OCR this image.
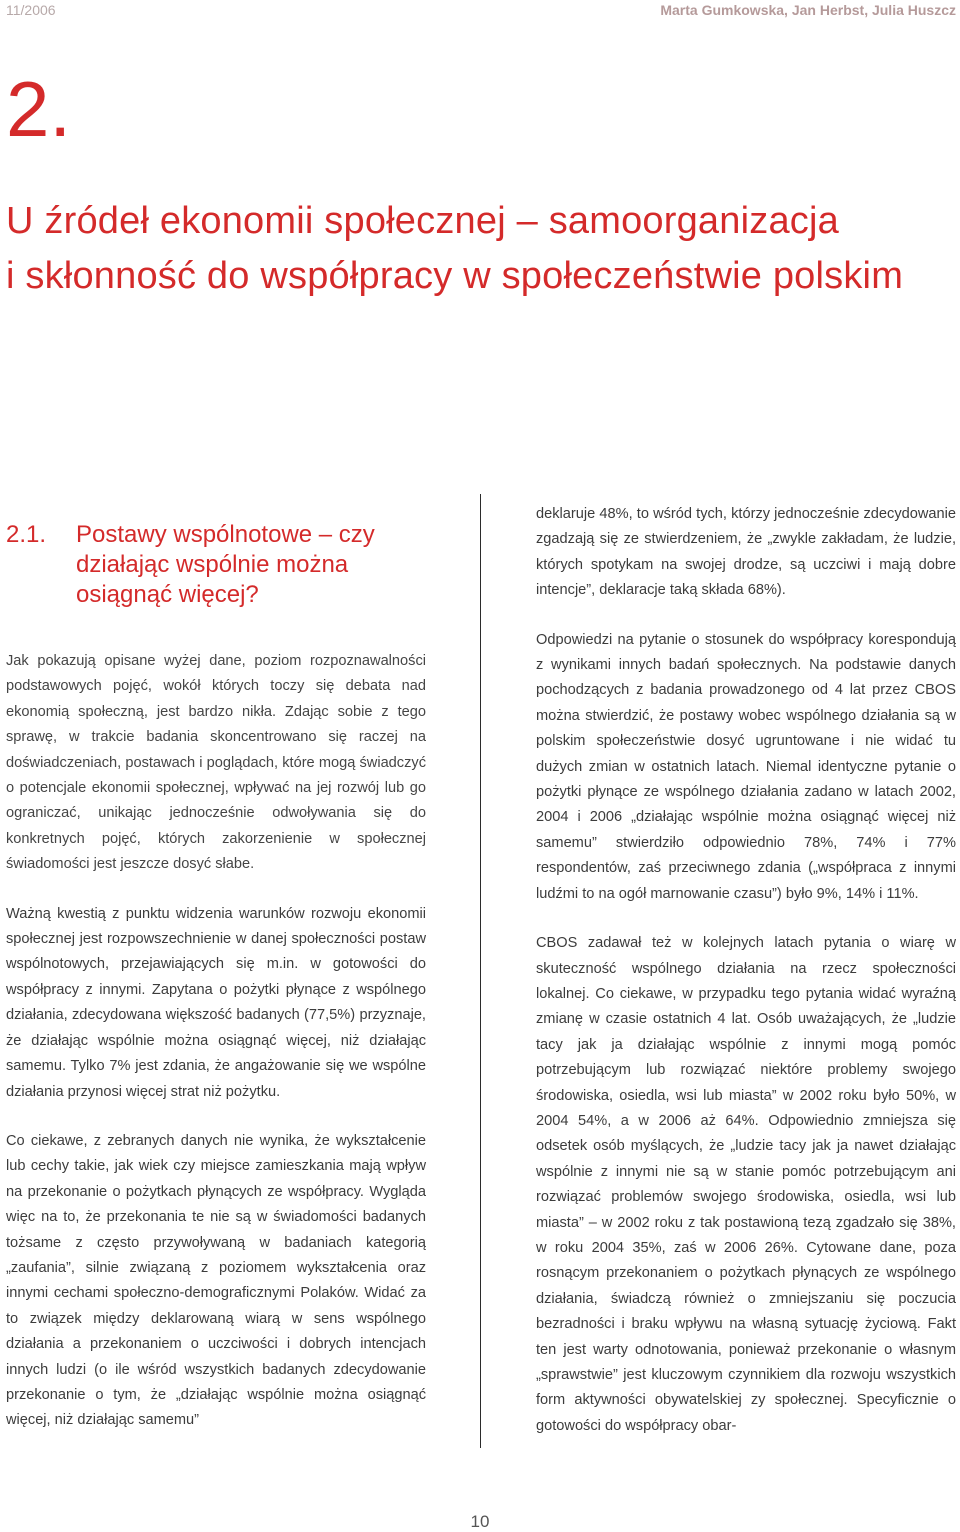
11/2006	Marta Gumkowska, Jan Herbst, Julia Huszcz
2.
U źródeł ekonomii społecznej – samoorganizacja
i skłonność do współpracy w społeczeństwie polskim
2.1.	Postawy wspólnotowe – czy
działając wspólnie można
osiągnąć więcej?

Jak pokazują opisane wyżej dane, poziom rozpoznawalności podstawowych pojęć, wokół których toczy się debata nad ekonomią społeczną, jest bardzo nikła. Zdając sobie z tego sprawę, w trakcie badania skoncentrowano się raczej na doświadczeniach, postawach i poglądach, które mogą świadczyć o potencjale ekonomii społecznej, wpływać na jej rozwój lub go ograniczać, unikając jednocześnie odwoływania się do konkretnych pojęć, których zakorzenienie w społecznej świadomości jest jeszcze dosyć słabe.

Ważną kwestią z punktu widzenia warunków rozwoju ekonomii społecznej jest rozpowszechnienie w danej społeczności postaw wspólnotowych, przejawiających się m.in. w gotowości do współpracy z innymi. Zapytana o pożytki płynące z wspólnego działania, zdecydowana większość badanych (77,5%) przyznaje, że działając wspólnie można osiągnąć więcej, niż działając samemu. Tylko 7% jest zdania, że angażowanie się we wspólne działania przynosi więcej strat niż pożytku.

Co ciekawe, z zebranych danych nie wynika, że wykształcenie lub cechy takie, jak wiek czy miejsce zamieszkania mają wpływ na przekonanie o pożytkach płynących ze współpracy. Wygląda więc na to, że przekonania te nie są w świadomości badanych tożsame z często przywoływaną w badaniach kategorią „zaufania”, silnie związaną z poziomem wykształcenia oraz innymi cechami społeczno-demograficznymi Polaków. Widać za to związek między deklarowaną wiarą w sens wspólnego działania a przekonaniem o uczciwości i dobrych intencjach innych ludzi (o ile wśród wszystkich badanych zdecydowanie przekonanie o tym, że „działając wspólnie można osiągnąć więcej, niż działając samemu”

deklaruje 48%, to wśród tych, którzy jednocześnie zdecydowanie zgadzają się ze stwierdzeniem, że „zwykle zakładam, że ludzie, których spotykam na swojej drodze, są uczciwi i mają dobre intencje”, deklaracje taką składa 68%).

Odpowiedzi na pytanie o stosunek do współpracy korespondują z wynikami innych badań społecznych. Na podstawie danych pochodzących z badania prowadzonego od 4 lat przez CBOS można stwierdzić, że postawy wobec wspólnego działania są w polskim społeczeństwie dosyć ugruntowane i nie widać tu dużych zmian w ostatnich latach. Niemal identyczne pytanie o pożytki płynące ze wspólnego działania zadano w latach 2002, 2004 i 2006 „działając wspólnie można osiągnąć więcej niż samemu” stwierdziło odpowiednio 78%, 74% i 77% respondentów, zaś przeciwnego zdania („współpraca z innymi ludźmi to na ogół marnowanie czasu”) było 9%, 14% i 11%.

CBOS zadawał też w kolejnych latach pytania o wiarę w skuteczność wspólnego działania na rzecz społeczności lokalnej. Co ciekawe, w przypadku tego pytania widać wyraźną zmianę w czasie ostatnich 4 lat. Osób uważających, że „ludzie tacy jak ja działając wspólnie z innymi mogą pomóc potrzebującym lub rozwiązać niektóre problemy swojego środowiska, osiedla, wsi lub miasta” w 2002 roku było 50%, w 2004 54%, a w 2006 aż 64%. Odpowiednio zmniejsza się odsetek osób myślących, że „ludzie tacy jak ja nawet działając wspólnie z innymi nie są w stanie pomóc potrzebującym ani rozwiązać problemów swojego środowiska, osiedla, wsi lub miasta” – w 2002 roku z tak postawioną tezą zgadzało się 38%, w roku 2004 35%, zaś w 2006 26%. Cytowane dane, poza rosnącym przekonaniem o pożytkach płynących ze wspólnego działania, świadczą również o zmniejszaniu się poczucia bezradności i braku wpływu na własną sytuację życiową. Fakt ten jest warty odnotowania, ponieważ przekonanie o własnym „sprawstwie” jest kluczowym czynnikiem dla rozwoju wszystkich form aktywności obywatelskiej zy społecznej. Specyficznie o gotowości do współpracy obar-

10
